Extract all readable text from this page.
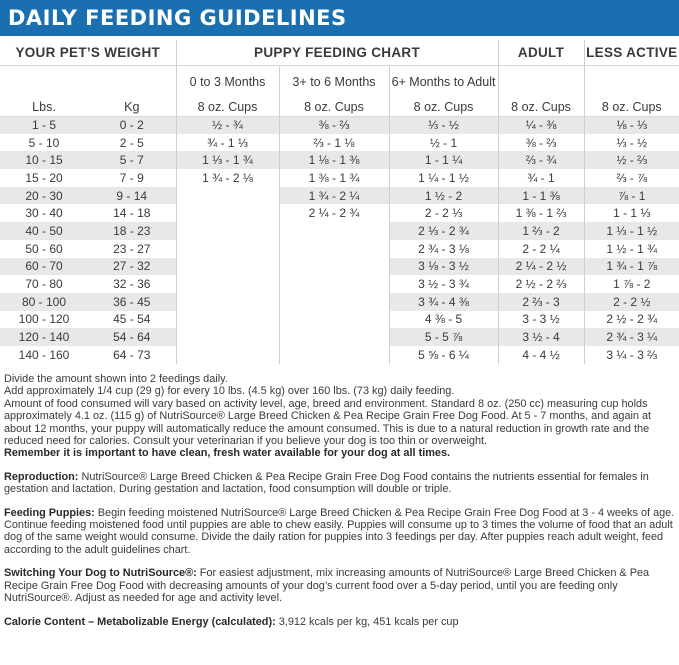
DAILY FEEDING GUIDELINES
YOUR PET’S WEIGHT		PUPPY FEEDING CHART			ADULT	LESS ACTIVE
		0 to 3 Months	3+ to 6 Months	6+ Months to Adult		
Lbs.	Kg	8 oz. Cups	8 oz. Cups	8 oz. Cups	8 oz. Cups	8 oz. Cups
1 - 5	0 - 2	½ - ¾	⅜ - ⅔	⅓ - ½	¼ - ⅜	⅛ - ⅓
5 - 10	2 - 5	¾ - 1 ⅓	⅔ - 1 ⅛	½ - 1	⅜ - ⅔	⅓ - ½
10 - 15	5 - 7	1 ⅓ - 1 ¾	1 ⅛ - 1 ⅜	1 - 1 ¼	⅔ - ¾	½ - ⅔
15 - 20	7 - 9	1 ¾ - 2 ⅛	1 ⅜ - 1 ¾	1 ¼ - 1 ½	¾ - 1	⅔ - ⅞
20 - 30	9 - 14		1 ¾ - 2 ¼	1 ½ - 2	1 - 1 ⅜	⅞ - 1
30 - 40	14 - 18		2 ¼ - 2 ¾	2 - 2 ⅓	1 ⅜ - 1 ⅔	1 - 1 ⅓
40 - 50	18 - 23			2 ⅓ - 2 ¾	1 ⅔ - 2	1 ⅓ - 1 ½
50 - 60	23 - 27			2 ¾ - 3 ⅛	2 - 2 ¼	1 ½ - 1 ¾
60 - 70	27 - 32			3 ⅛ - 3 ½	2 ¼ - 2 ½	1 ¾ - 1 ⅞
70 - 80	32 - 36			3 ½ - 3 ¾	2 ½ - 2 ⅔	1 ⅞ - 2
80 - 100	36 - 45			3 ¾ - 4 ⅜	2 ⅔ - 3	2 - 2 ½
100 - 120	45 - 54			4 ⅜ - 5	3 - 3 ½	2 ½ - 2 ¾
120 - 140	54 - 64			5 - 5 ⅞	3 ½ - 4	2 ¾ - 3 ¼
140 - 160	64 - 73			5 ⅝ - 6 ¼	4 - 4 ½	3 ¼ - 3 ⅔

Divide the amount shown into 2 feedings daily.

Add approximately 1/4 cup (29 g) for every 10 lbs. (4.5 kg) over 160 lbs. (73 kg) daily feeding.

Amount of food consumed will vary based on activity level, age, breed and environment. Standard 8 oz. (250 cc) measuring cup holds approximately 4.1 oz. (115 g) of NutriSource® Large Breed Chicken & Pea Recipe Grain Free Dog Food. At 5 - 7 months, and again at about 12 months, your puppy will automatically reduce the amount consumed. This is due to a natural reduction in growth rate and the reduced need for calories. Consult your veterinarian if you believe your dog is too thin or overweight.

Remember it is important to have clean, fresh water available for your dog at all times.

Reproduction: NutriSource® Large Breed Chicken & Pea Recipe Grain Free Dog Food contains the nutrients essential for females in gestation and lactation. During gestation and lactation, food consumption will double or triple.

Feeding Puppies: Begin feeding moistened NutriSource® Large Breed Chicken & Pea Recipe Grain Free Dog Food at 3 - 4 weeks of age. Continue feeding moistened food until puppies are able to chew easily. Puppies will consume up to 3 times the volume of food that an adult dog of the same weight would consume. Divide the daily ration for puppies into 3 feedings per day. After puppies reach adult weight, feed according to the adult guidelines chart.

Switching Your Dog to NutriSource®: For easiest adjustment, mix increasing amounts of NutriSource® Large Breed Chicken & Pea Recipe Grain Free Dog Food with decreasing amounts of your dog’s current food over a 5-day period, until you are feeding only NutriSource®. Adjust as needed for age and activity level.

Calorie Content – Metabolizable Energy (calculated): 3,912 kcals per kg, 451 kcals per cup
